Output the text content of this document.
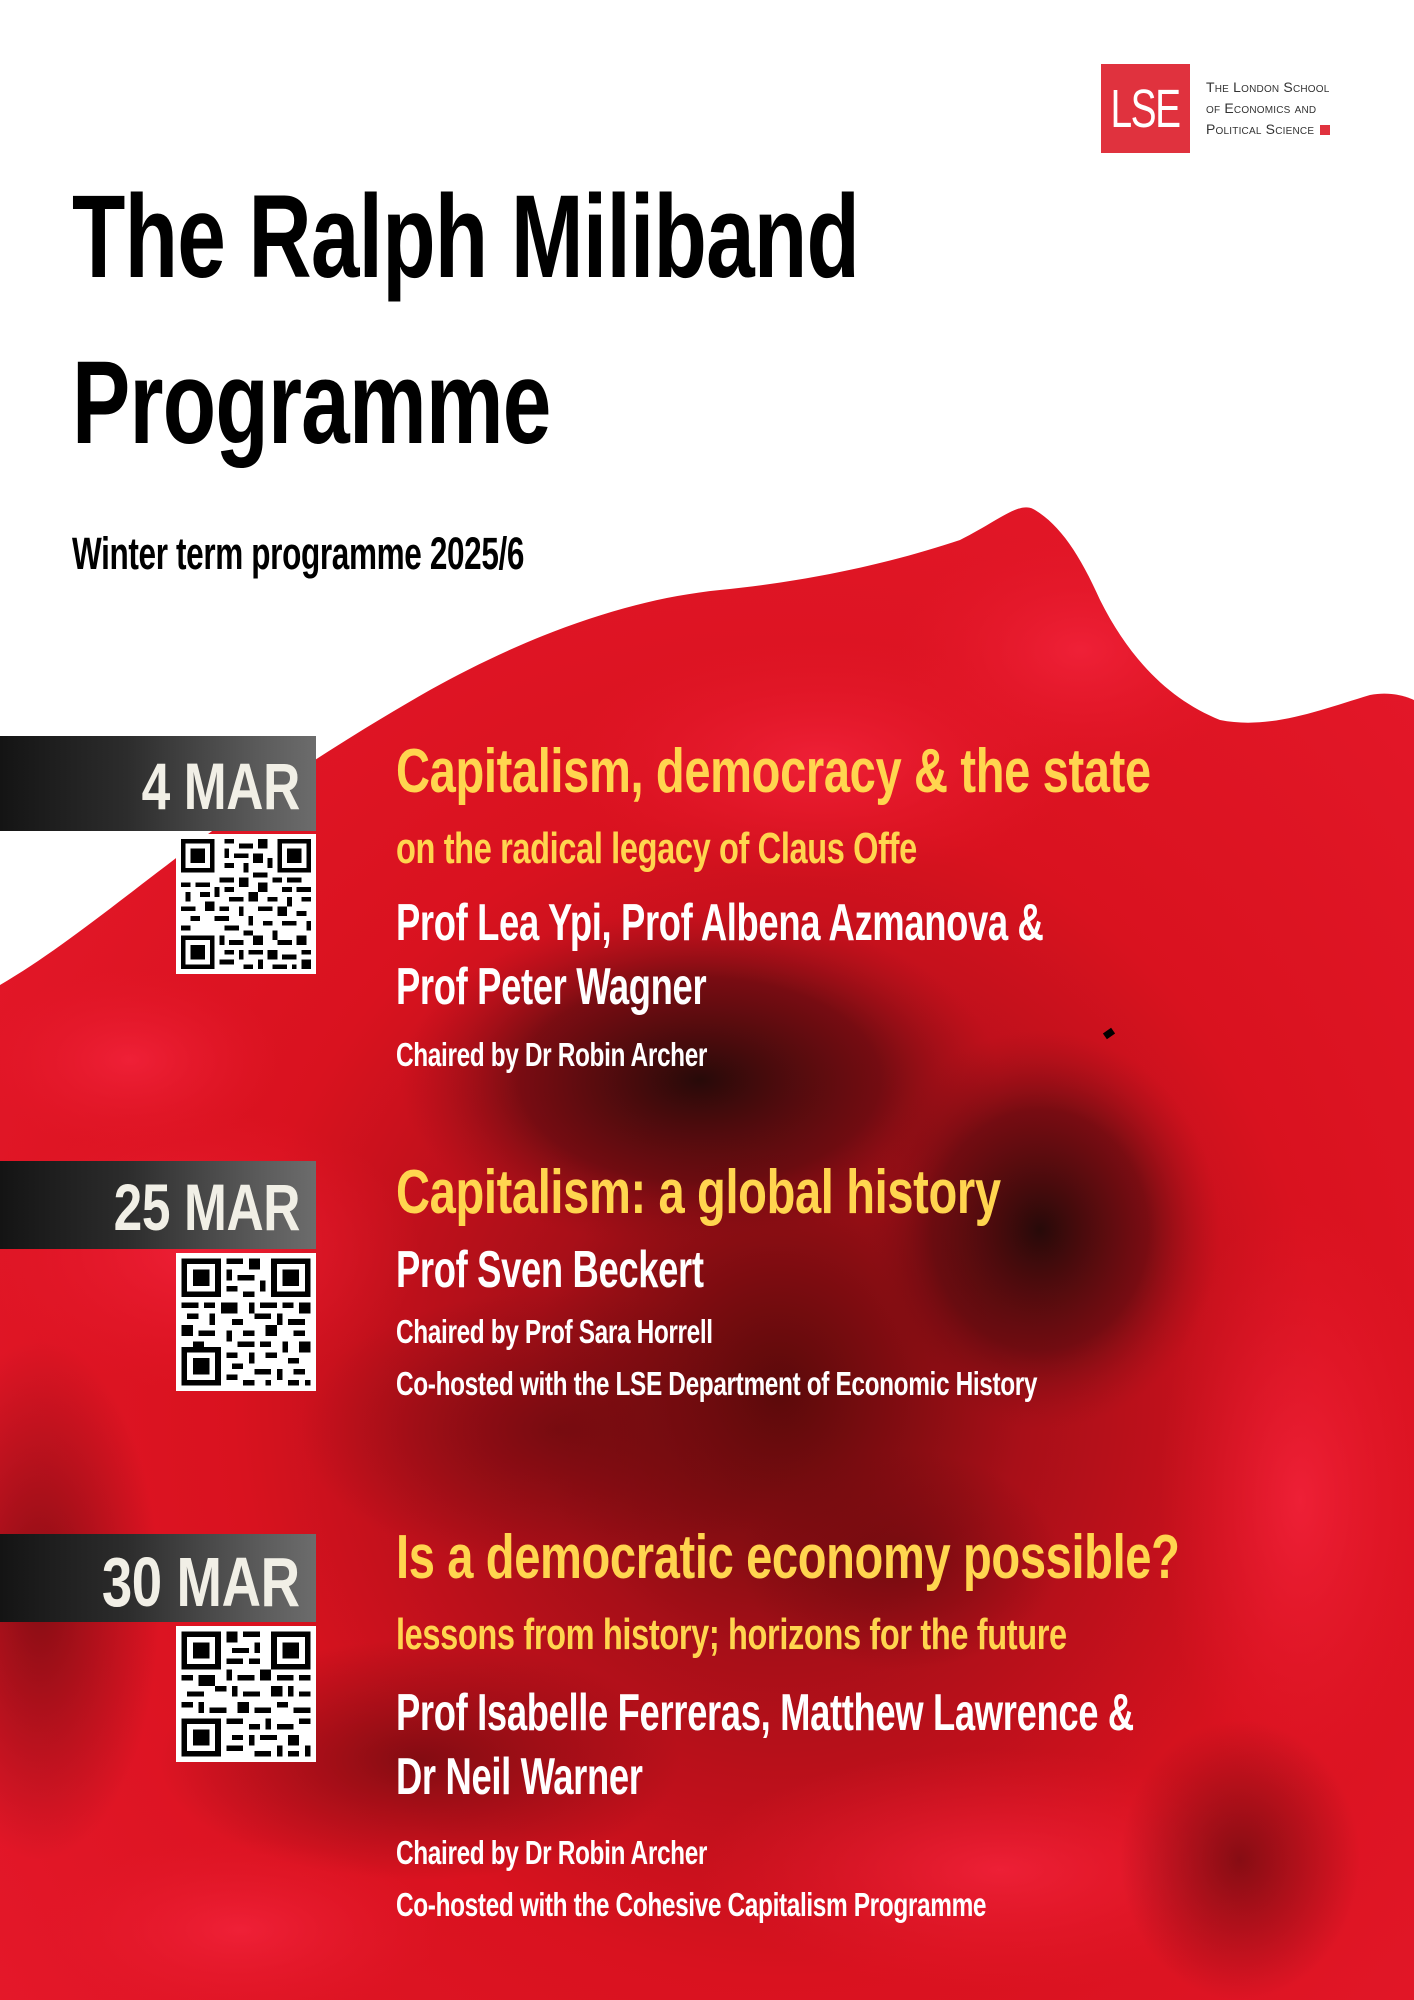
LSE The London School
of Economics and
Political Science
The Ralph Miliband
Programme
Winter term programme 2025/6
4 MAR Capitalism, democracy & the state
on the radical legacy of Claus Offe
Prof Lea Ypi, Prof Albena Azmanova &
Prof Peter Wagner
Chaired by Dr Robin Archer
25 MAR Capitalism: a global history
Prof Sven Beckert
Chaired by Prof Sara Horrell
Co-hosted with the LSE Department of Economic History
30 MAR Is a democratic economy possible?
lessons from history; horizons for the future
Prof Isabelle Ferreras, Matthew Lawrence &
Dr Neil Warner
Chaired by Dr Robin Archer
Co-hosted with the Cohesive Capitalism Programme
